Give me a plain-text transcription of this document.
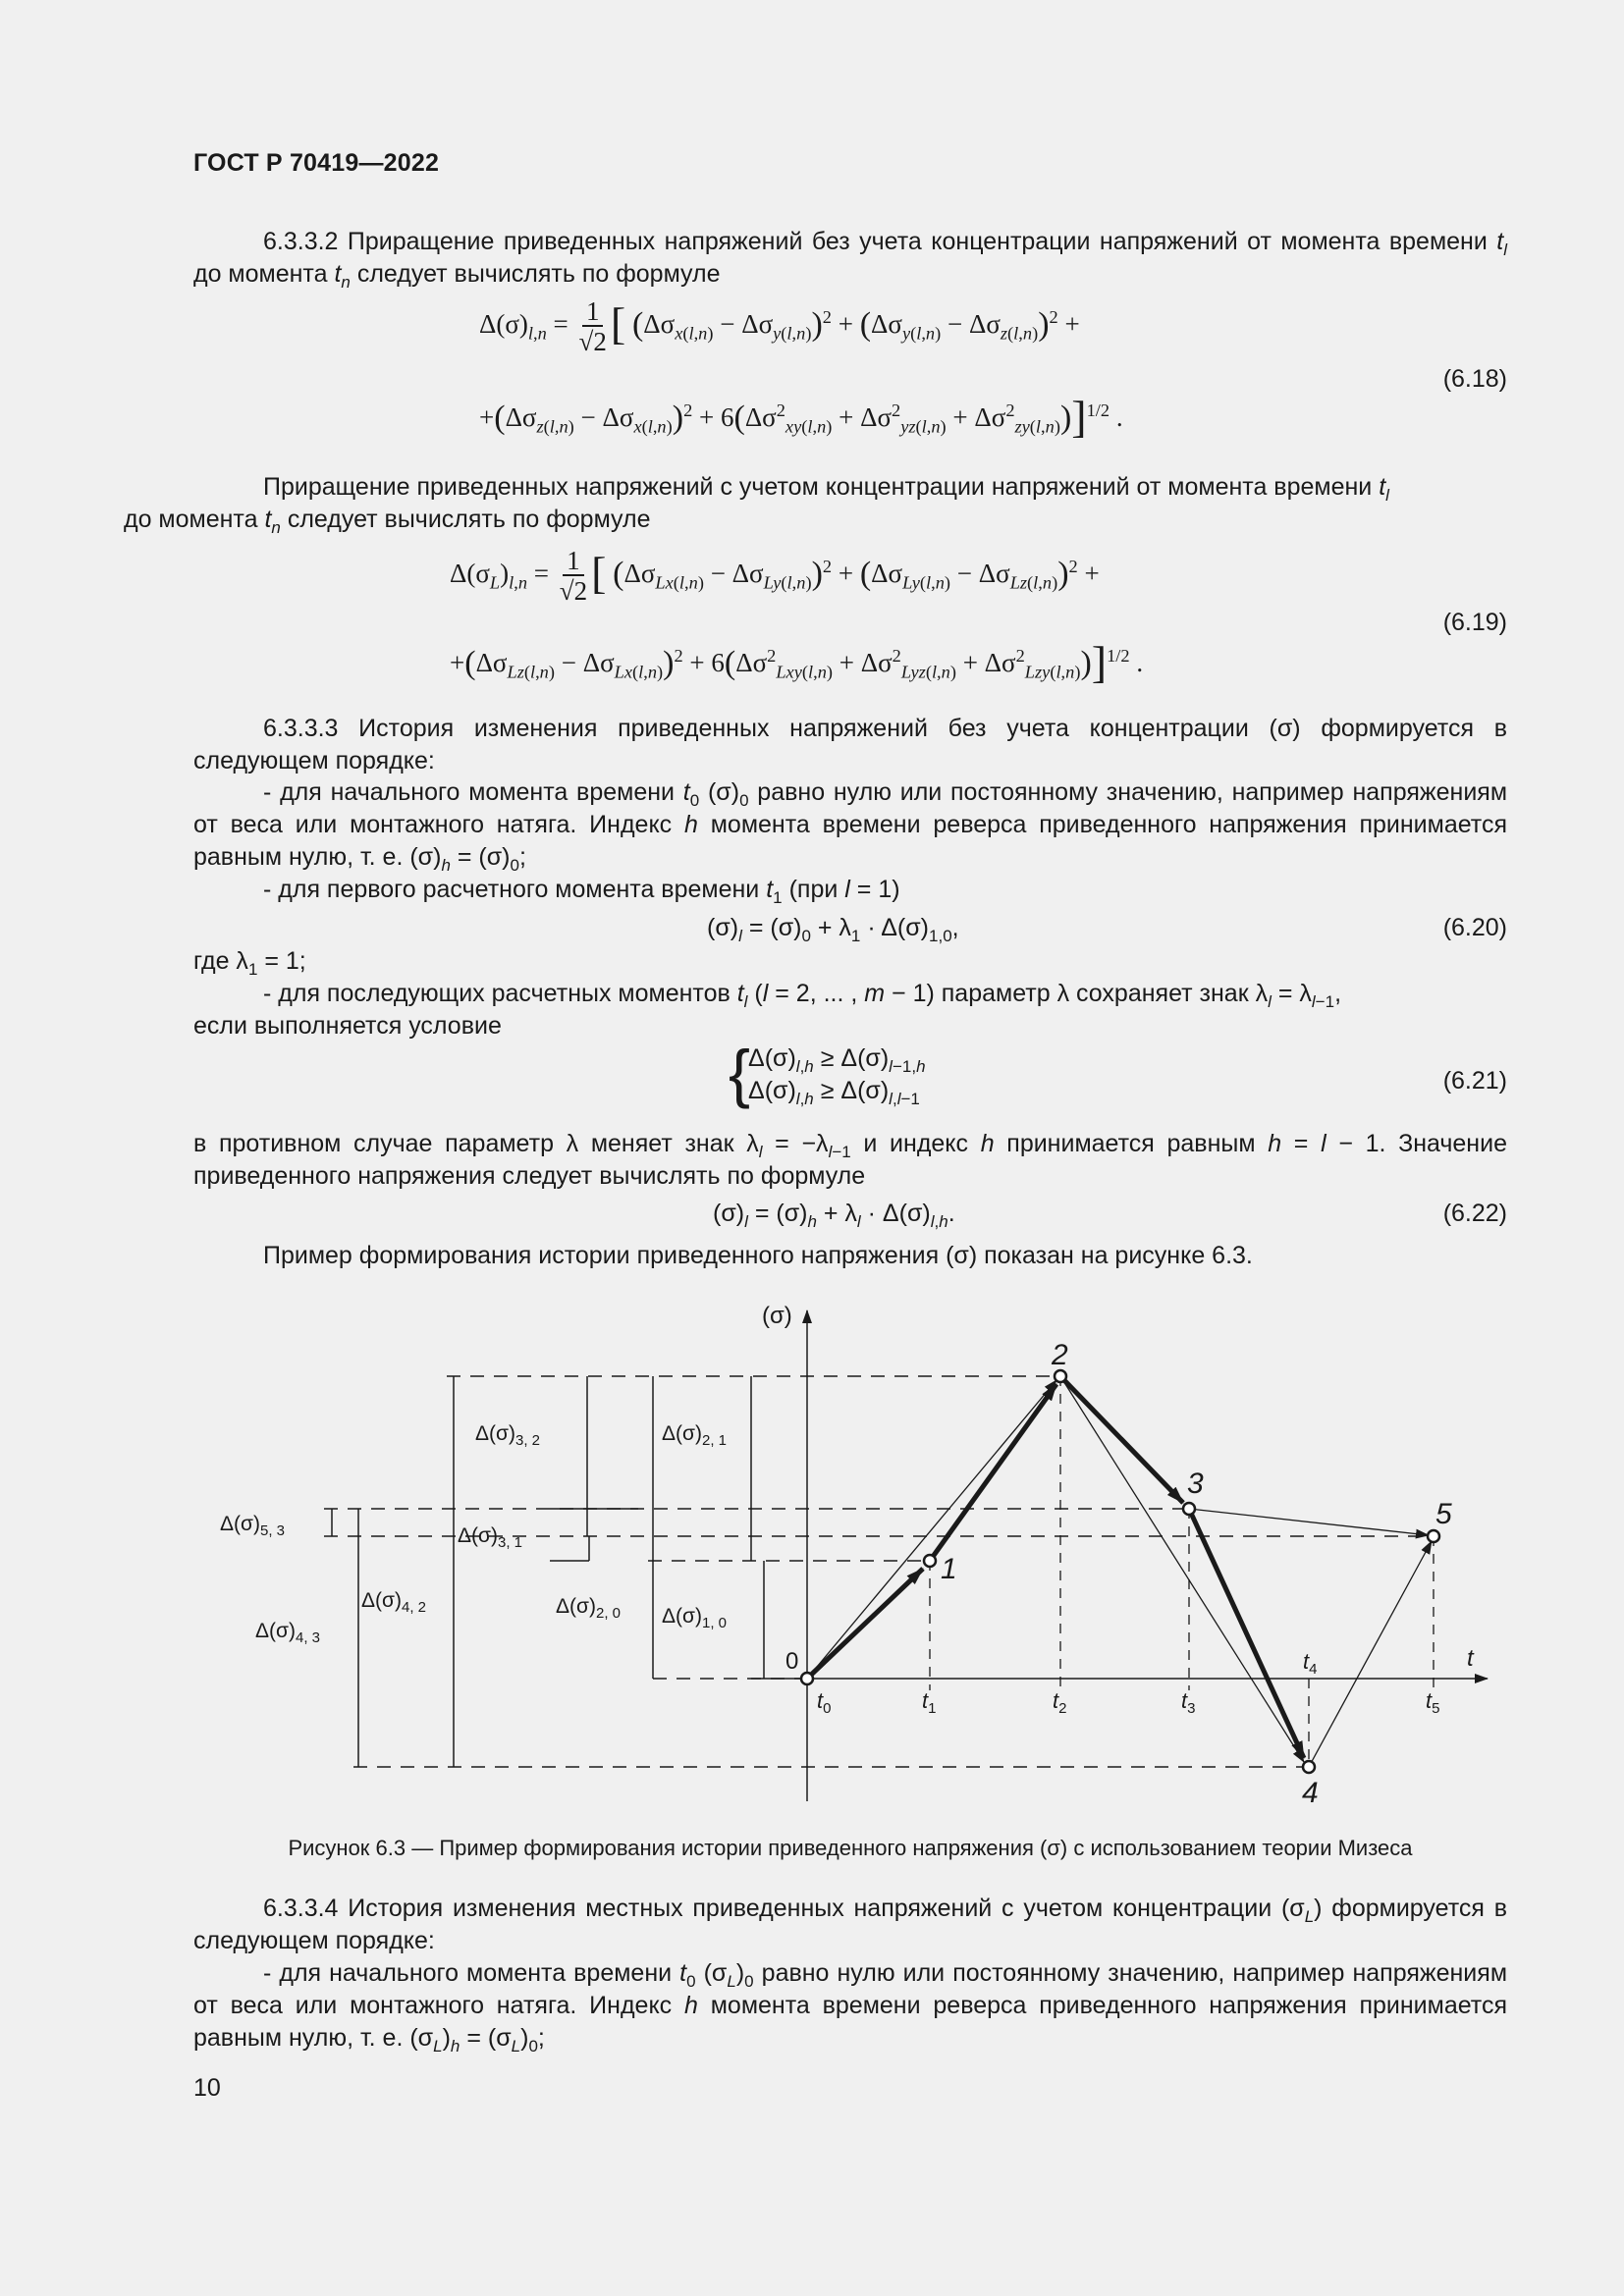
ГОСТ Р 70419—2022
6.3.3.2 Приращение приведенных напряжений без учета концентрации напряжений от момента времени $t_l$ до момента $t_n$ следует вычислять по формуле
$\Delta(\sigma)_{l,n} = \frac{1}{√2}$ [ $(\Delta\sigma_{x(l,n)} - \Delta\sigma_{y(l,n)})^2 + (\Delta\sigma_{y(l,n)} - \Delta\sigma_{z(l,n)})^2$ +
$+(\Delta\sigma_{z(l,n)} - \Delta\sigma_{x(l,n)})^2 + 6(\Delta\sigma^2_{xy(l,n)} + \Delta\sigma^2_{yz(l,n)} + \Delta\sigma^2_{zy(l,n)})]^{1/2}$ .
(6.18)
Приращение приведенных напряжений с учетом концентрации напряжений от момента времени $t_l$
до момента $t_n$ следует вычислять по формуле
$\Delta(\sigma_L)_{l,n} = \frac{1}{√2}$ [ $(\Delta\sigma_{Lx(l,n)} - \Delta\sigma_{Ly(l,n)})^2 + (\Delta\sigma_{Ly(l,n)} - \Delta\sigma_{Lz(l,n)})^2$ +
$+(\Delta\sigma_{Lz(l,n)} - \Delta\sigma_{Lx(l,n)})^2 + 6(\Delta\sigma^2_{Lxy(l,n)} + \Delta\sigma^2_{Lyz(l,n)} + \Delta\sigma^2_{Lzy(l,n)})]^{1/2}$ .
(6.19)
6.3.3.3 История изменения приведенных напряжений без учета концентрации (σ) формируется в следующем порядке:
- для начального момента времени $t_0$ $(\sigma)_0$ равно нулю или постоянному значению, например напряжениям от веса или монтажного натяга. Индекс h момента времени реверса приведенного напряжения принимается равным нулю, т. е. $(\sigma)_h = (\sigma)_0$;
- для первого расчетного момента времени $t_1$ (при l = 1)
$(\sigma)_l = (\sigma)_0 + \lambda_1 \cdot \Delta(\sigma)_{1,0}$,	(6.20)
где $\lambda_1 = 1$;
- для последующих расчетных моментов $t_l$ (l = 2, ... , m − 1) параметр λ сохраняет знак $\lambda_l = \lambda_{l-1}$,
если выполняется условие
{
$\Delta(\sigma)_{l,h} \ge \Delta(\sigma)_{l-1,h}$
$\Delta(\sigma)_{l,h} \ge \Delta(\sigma)_{l,l-1}$
(6.21)
в противном случае параметр λ меняет знак $\lambda_l = -\lambda_{l-1}$ и индекс h принимается равным h = l − 1. Значение приведенного напряжения следует вычислять по формуле
$(\sigma)_l = (\sigma)_h + \lambda_l \cdot \Delta(\sigma)_{l,h}$.	(6.22)
Пример формирования истории приведенного напряжения (σ) показан на рисунке 6.3.
(σ)
t
0
1
2
3
4
5
$t_0$	$t_1$	$t_2$	$t_3$
$t_4$
$t_5$
$\Delta(\sigma)_{5, 3}$
$\Delta(\sigma)_{4, 3}$
$\Delta(\sigma)_{3, 2}$
$\Delta(\sigma)_{3, 1}$
$\Delta(\sigma)_{4, 2}$	$\Delta(\sigma)_{2, 0}$
$\Delta(\sigma)_{2, 1}$
$\Delta(\sigma)_{1, 0}$
Рисунок 6.3 — Пример формирования истории приведенного напряжения (σ) с использованием теории Мизеса
6.3.3.4 История изменения местных приведенных напряжений с учетом концентрации $(\sigma_L)$ формируется в следующем порядке:
- для начального момента времени $t_0$ $(\sigma_L)_0$ равно нулю или постоянному значению, например напряжениям от веса или монтажного натяга. Индекс h момента времени реверса приведенного напряжения принимается равным нулю, т. е. $(\sigma_L)_h = (\sigma_L)_0$;
10
